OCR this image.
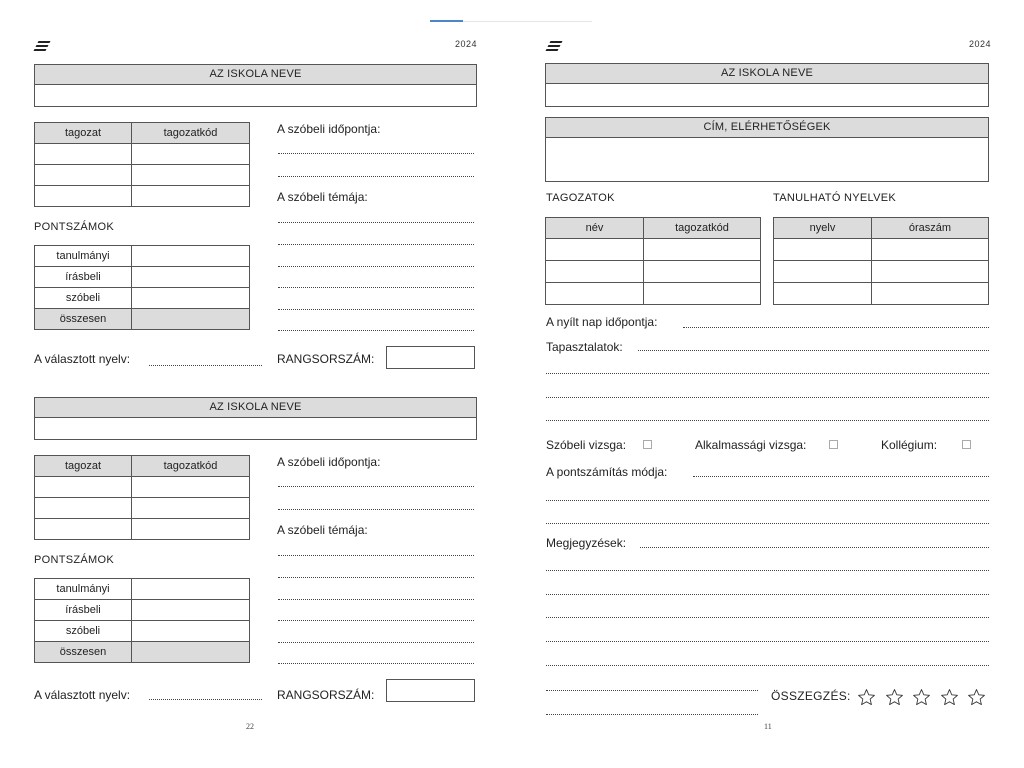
2024
AZ ISKOLA NEVE
tagozat	tagozatkód

		A szóbeli időpontja:
A szóbeli témája:
PONTSZÁMOK
tanulmányi	
írásbeli	
szóbeli	
összesen	
A választott nyelv:	RANGSORSZÁM:
AZ ISKOLA NEVE
tagozat	tagozatkód

		A szóbeli időpontja:
A szóbeli témája:
PONTSZÁMOK
tanulmányi	
írásbeli	
szóbeli	
összesen	
A választott nyelv:	RANGSORSZÁM:
22
2024
AZ ISKOLA NEVE
CÍM, ELÉRHETŐSÉGEK
TAGOZATOK	TANULHATÓ NYELVEK
név	tagozatkód

		nyelv	óraszám

A nyílt nap időpontja:
Tapasztalatok:
Szóbeli vizsga:	Alkalmassági vizsga:	Kollégium:
A pontszámítás módja:
Megjegyzések:
ÖSSZEGZÉS:
11
